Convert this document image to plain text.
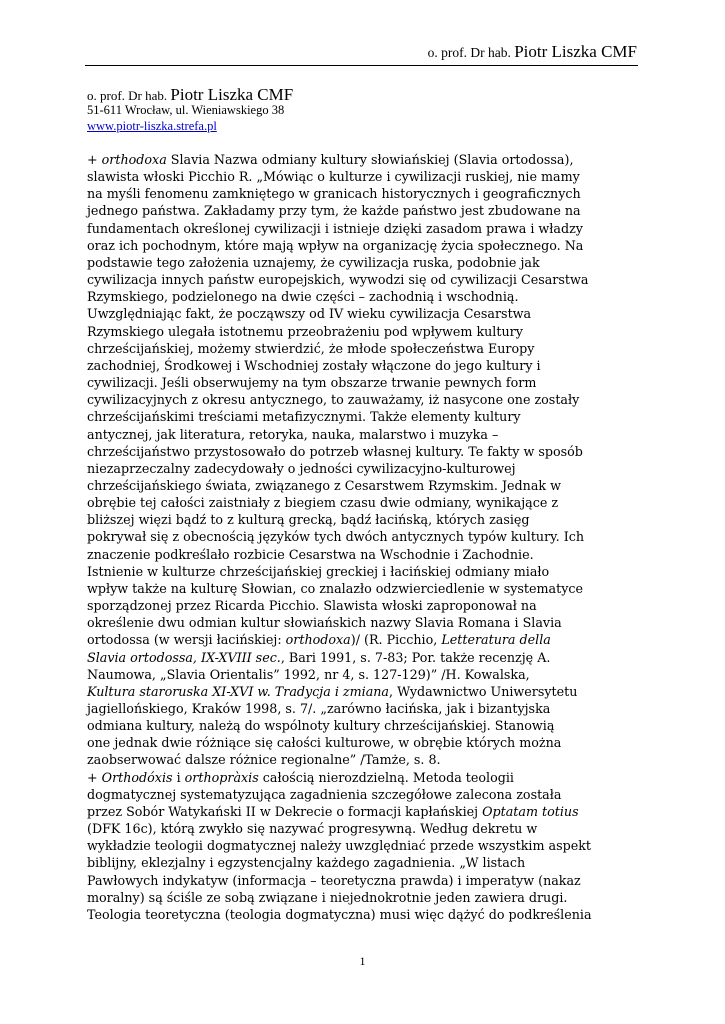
o. prof. Dr hab. Piotr Liszka CMF
o. prof. Dr hab. Piotr Liszka CMF
51-611 Wrocław, ul. Wieniawskiego 38
www.piotr-liszka.strefa.pl
+ orthodoxa Slavia Nazwa odmiany kultury słowiańskiej (Slavia ortodossa),
slawista włoski Picchio R. „Mówiąc o kulturze i cywilizacji ruskiej, nie mamy
na myśli fenomenu zamkniętego w granicach historycznych i geograficznych
jednego państwa. Zakładamy przy tym, że każde państwo jest zbudowane na
fundamentach określonej cywilizacji i istnieje dzięki zasadom prawa i władzy
oraz ich pochodnym, które mają wpływ na organizację życia społecznego. Na
podstawie tego założenia uznajemy, że cywilizacja ruska, podobnie jak
cywilizacja innych państw europejskich, wywodzi się od cywilizacji Cesarstwa
Rzymskiego, podzielonego na dwie części – zachodnią i wschodnią.
Uwzględniając fakt, że począwszy od IV wieku cywilizacja Cesarstwa
Rzymskiego ulegała istotnemu przeobrażeniu pod wpływem kultury
chrześcijańskiej, możemy stwierdzić, że młode społeczeństwa Europy
zachodniej, Środkowej i Wschodniej zostały włączone do jego kultury i
cywilizacji. Jeśli obserwujemy na tym obszarze trwanie pewnych form
cywilizacyjnych z okresu antycznego, to zauważamy, iż nasycone one zostały
chrześcijańskimi treściami metafizycznymi. Także elementy kultury
antycznej, jak literatura, retoryka, nauka, malarstwo i muzyka –
chrześcijaństwo przystosowało do potrzeb własnej kultury. Te fakty w sposób
niezaprzeczalny zadecydowały o jedności cywilizacyjno-kulturowej
chrześcijańskiego świata, związanego z Cesarstwem Rzymskim. Jednak w
obrębie tej całości zaistniały z biegiem czasu dwie odmiany, wynikające z
bliższej więzi bądź to z kulturą grecką, bądź łacińską, których zasięg
pokrywał się z obecnością języków tych dwóch antycznych typów kultury. Ich
znaczenie podkreślało rozbicie Cesarstwa na Wschodnie i Zachodnie.
Istnienie w kulturze chrześcijańskiej greckiej i łacińskiej odmiany miało
wpływ także na kulturę Słowian, co znalazło odzwierciedlenie w systematyce
sporządzonej przez Ricarda Picchio. Slawista włoski zaproponował na
określenie dwu odmian kultur słowiańskich nazwy Slavia Romana i Slavia
ortodossa (w wersji łacińskiej: orthodoxa)/ (R. Picchio, Letteratura della
Slavia ortodossa, IX-XVIII sec., Bari 1991, s. 7-83; Por. także recenzję A.
Naumowa, „Slavia Orientalis” 1992, nr 4, s. 127-129)” /H. Kowalska,
Kultura staroruska XI-XVI w. Tradycja i zmiana, Wydawnictwo Uniwersytetu
jagiellońskiego, Kraków 1998, s. 7/. „zarówno łacińska, jak i bizantyjska
odmiana kultury, należą do wspólnoty kultury chrześcijańskiej. Stanowią
one jednak dwie różniące się całości kulturowe, w obrębie których można
zaobserwować dalsze różnice regionalne” /Tamże, s. 8.
+ Orthodóxis i orthopràxis całością nierozdzielną. Metoda teologii
dogmatycznej systematyzująca zagadnienia szczegółowe zalecona została
przez Sobór Watykański II w Dekrecie o formacji kapłańskiej Optatam totius
(DFK 16c), którą zwykło się nazywać progresywną. Według dekretu w
wykładzie teologii dogmatycznej należy uwzględniać przede wszystkim aspekt
biblijny, eklezjalny i egzystencjalny każdego zagadnienia. „W listach
Pawłowych indykatyw (informacja – teoretyczna prawda) i imperatyw (nakaz
moralny) są ściśle ze sobą związane i niejednokrotnie jeden zawiera drugi.
Teologia teoretyczna (teologia dogmatyczna) musi więc dążyć do podkreślenia
1
